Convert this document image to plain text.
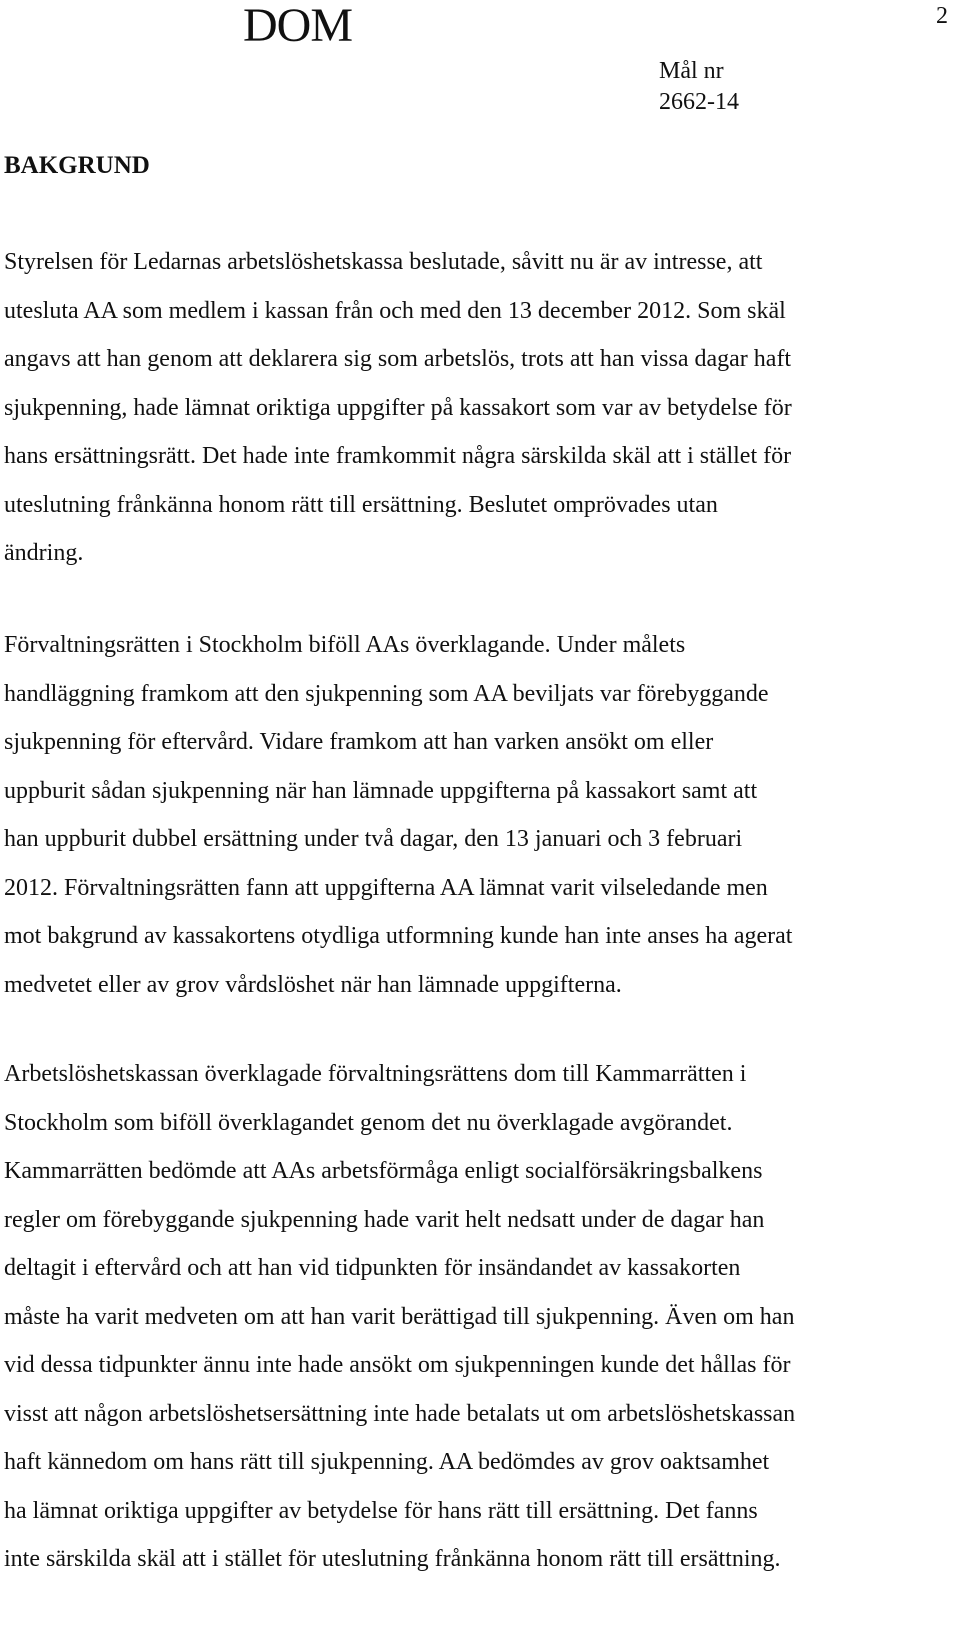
DOM	2
Mål nr
2662-14
BAKGRUND
Styrelsen för Ledarnas arbetslöshetskassa beslutade, såvitt nu är av intresse, att
utesluta AA som medlem i kassan från och med den 13 december 2012. Som skäl
angavs att han genom att deklarera sig som arbetslös, trots att han vissa dagar haft
sjukpenning, hade lämnat oriktiga uppgifter på kassakort som var av betydelse för
hans ersättningsrätt. Det hade inte framkommit några särskilda skäl att i stället för
uteslutning frånkänna honom rätt till ersättning. Beslutet omprövades utan
ändring.
Förvaltningsrätten i Stockholm biföll AAs överklagande. Under målets
handläggning framkom att den sjukpenning som AA beviljats var förebyggande
sjukpenning för eftervård. Vidare framkom att han varken ansökt om eller
uppburit sådan sjukpenning när han lämnade uppgifterna på kassakort samt att
han uppburit dubbel ersättning under två dagar, den 13 januari och 3 februari
2012. Förvaltningsrätten fann att uppgifterna AA lämnat varit vilseledande men
mot bakgrund av kassakortens otydliga utformning kunde han inte anses ha agerat
medvetet eller av grov vårdslöshet när han lämnade uppgifterna.
Arbetslöshetskassan överklagade förvaltningsrättens dom till Kammarrätten i
Stockholm som biföll överklagandet genom det nu överklagade avgörandet.
Kammarrätten bedömde att AAs arbetsförmåga enligt socialförsäkringsbalkens
regler om förebyggande sjukpenning hade varit helt nedsatt under de dagar han
deltagit i eftervård och att han vid tidpunkten för insändandet av kassakorten
måste ha varit medveten om att han varit berättigad till sjukpenning. Även om han
vid dessa tidpunkter ännu inte hade ansökt om sjukpenningen kunde det hållas för
visst att någon arbetslöshetsersättning inte hade betalats ut om arbetslöshetskassan
haft kännedom om hans rätt till sjukpenning. AA bedömdes av grov oaktsamhet
ha lämnat oriktiga uppgifter av betydelse för hans rätt till ersättning. Det fanns
inte särskilda skäl att i stället för uteslutning frånkänna honom rätt till ersättning.
